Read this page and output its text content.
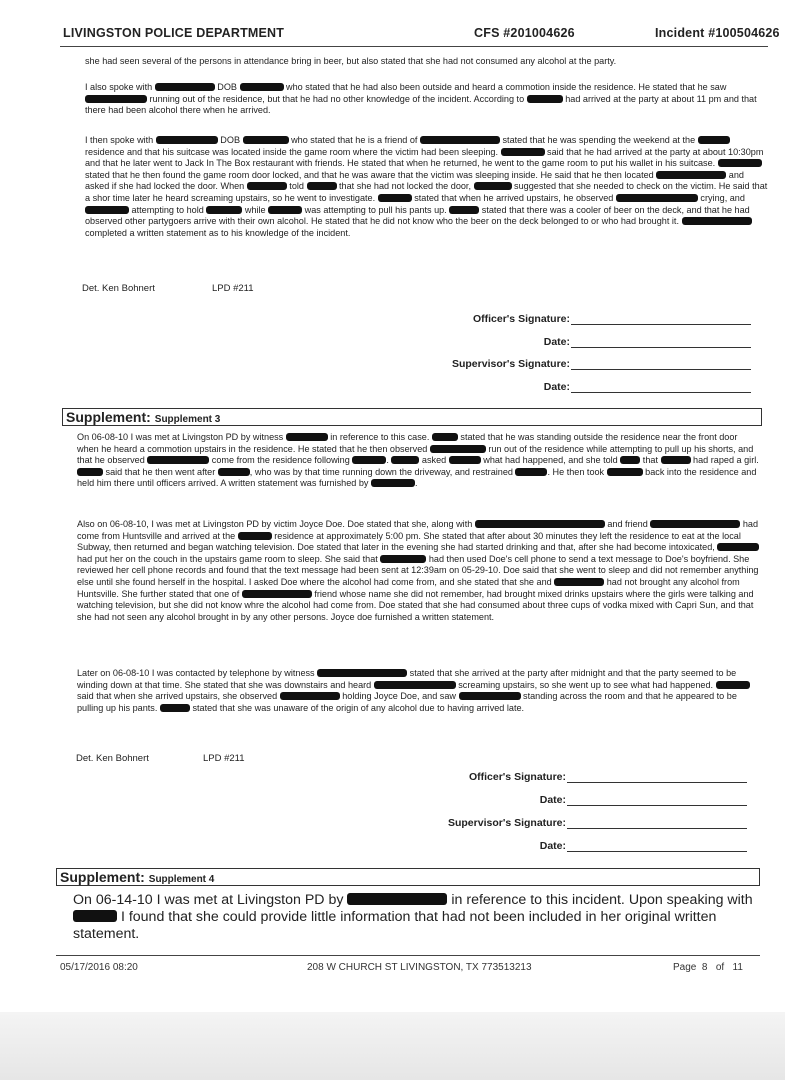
LIVINGSTON POLICE DEPARTMENT	CFS #201004626	Incident #100504626

she had seen several of the persons in attendance bring in beer, but also stated that she had not consumed any alcohol at the party.

I also spoke with	DOB	who stated that he had also been outside and heard a commotion inside the residence. He stated that he saw  running out of the residence, but that he had no other knowledge of the incident. According to	had arrived at the party at about 11 pm and that there had been alcohol there when he arrived.

I then spoke with	DOB	who stated that he is a friend of	stated that he was spending the weekend at the  residence and that his suitcase was located inside the game room where the victim had been sleeping.	said that he had arrived at the party at about 10:30pm and that he later went to Jack In The Box restaurant with friends. He stated that when he returned, he went to the game room to put his wallet in his suitcase.  stated that he then found the game room door locked, and that he was aware that the victim was sleeping inside. He said that he then located	and asked if she had locked the door. When	told	that she had not locked the door,	suggested that she needed to check on the victim. He said that a shor time later he heard screaming upstairs, so he went to investigate.	stated that when he arrived upstairs, he observed	crying, and  attempting to hold	while	was attempting to pull his pants up.	stated that there was a cooler of beer on the deck, and that he had observed other partygoers arrive with their own alcohol. He stated that he did not know who the beer on the deck belonged to or who had brought it.  completed a written statement as to his knowledge of the incident.

Det. Ken Bohnert	LPD #211
Officer's Signature:
Date:
Supervisor's Signature:
Date:
Supplement: Supplement 3

On 06-08-10 I was met at Livingston PD by witness	in reference to this case.	stated that he was standing outside the residence near the front door when he heard a commotion upstairs in the residence. He stated that he then observed	run out of the residence while attempting to pull up his shorts, and that he observed	come from the residence following	.	asked	what had happened, and she told  that	had raped a girl.  said that he then went after	, who was by that time running down the driveway, and restrained	. He then took	back into the residence and held him there until officers arrived. A written statement was furnished by	.

Also on 06-08-10, I was met at Livingston PD by victim Joyce Doe. Doe stated that she, along with	and friend	had come from Huntsville and arrived at the	residence at approximately 5:00 pm. She stated that after about 30 minutes they left the residence to eat at the local Subway, then returned and began watching television. Doe stated that later in the evening she had started drinking and that, after she had become intoxicated,  had put her on the couch in the upstairs game room to sleep. She said that	had then used Doe's cell phone to send a text message to Doe's boyfriend. She reviewed her cell phone records and found that the text message had been sent at 12:39am on 05-29-10. Doe said that she went to sleep and did not remember anything else until she found herself in the hospital. I asked Doe where the alcohol had come from, and she stated that she and	had not brought any alcohol from Huntsville. She further stated that one of	friend whose name she did not remember, had brought mixed drinks upstairs where the girls were talking and watching television, but she did not know whre the alcohol had come from. Doe stated that she had consumed about three cups of vodka mixed with Capri Sun, and that she had not seen any alcohol brought in by any other persons. Joyce doe furnished a written statement.

Later on 06-08-10 I was contacted by telephone by witness	stated that she arrived at the party after midnight and that the party seemed to be winding down at that time. She stated that she was downstairs and heard	screaming upstairs, so she went up to see what had happened.  said that when she arrived upstairs, she observed	holding Joyce Doe, and saw	standing across the room and that he appeared to be pulling up his pants.	stated that she was unaware of the origin of any alcohol due to having arrived late.

Det. Ken Bohnert	LPD #211
Officer's Signature:
Date:
Supervisor's Signature:
Date:
Supplement: Supplement 4

On 06-14-10 I was met at Livingston PD by	in reference to this incident. Upon speaking with  I found that she could provide little information that had not been included in her original written statement.

05/17/2016 08:20	208 W CHURCH ST LIVINGSTON, TX 773513213	Page 8 of 11
